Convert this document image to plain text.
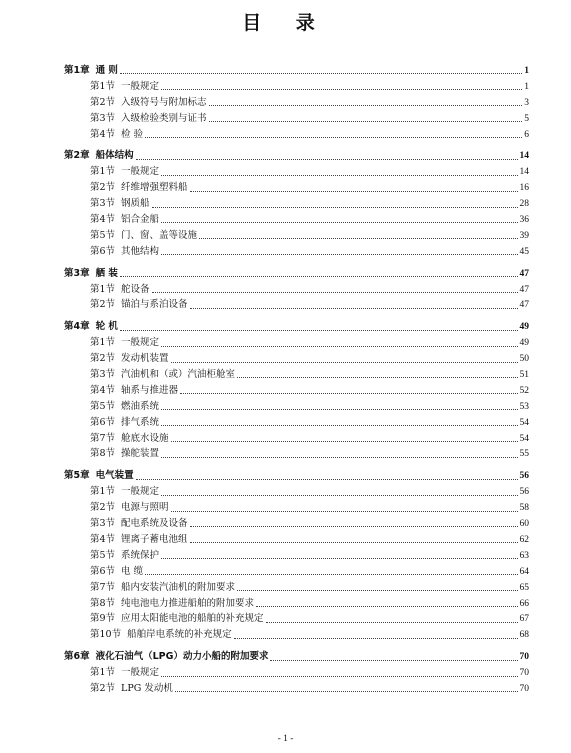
目 录
第1章 通 则	1
第1节 一般规定	1
第2节 入级符号与附加标志	3
第3节 入级检验类别与证书	5
第4节 检 验	6
第2章 船体结构	14
第1节 一般规定	14
第2节 纤维增强塑料船	16
第3节 钢质船	28
第4节 铝合金船	36
第5节 门、窗、盖等设施	39
第6节 其他结构	45
第3章 舾 装	47
第1节 舵设备	47
第2节 锚泊与系泊设备	47
第4章 轮 机	49
第1节 一般规定	49
第2节 发动机装置	50
第3节 汽油机和（或）汽油柜舱室	51
第4节 轴系与推进器	52
第5节 燃油系统	53
第6节 排气系统	54
第7节 舱底水设施	54
第8节 操舵装置	55
第5章 电气装置	56
第1节 一般规定	56
第2节 电源与照明	58
第3节 配电系统及设备	60
第4节 锂离子蓄电池组	62
第5节 系统保护	63
第6节 电 缆	64
第7节 船内安装汽油机的附加要求	65
第8节 纯电池电力推进船舶的附加要求	66
第9节 应用太阳能电池的船舶的补充规定	67
第10节 船舶岸电系统的补充规定	68
第6章 液化石油气（LPG）动力小船的附加要求	70
第1节 一般规定	70
第2节 LPG 发动机	70
- 1 -
